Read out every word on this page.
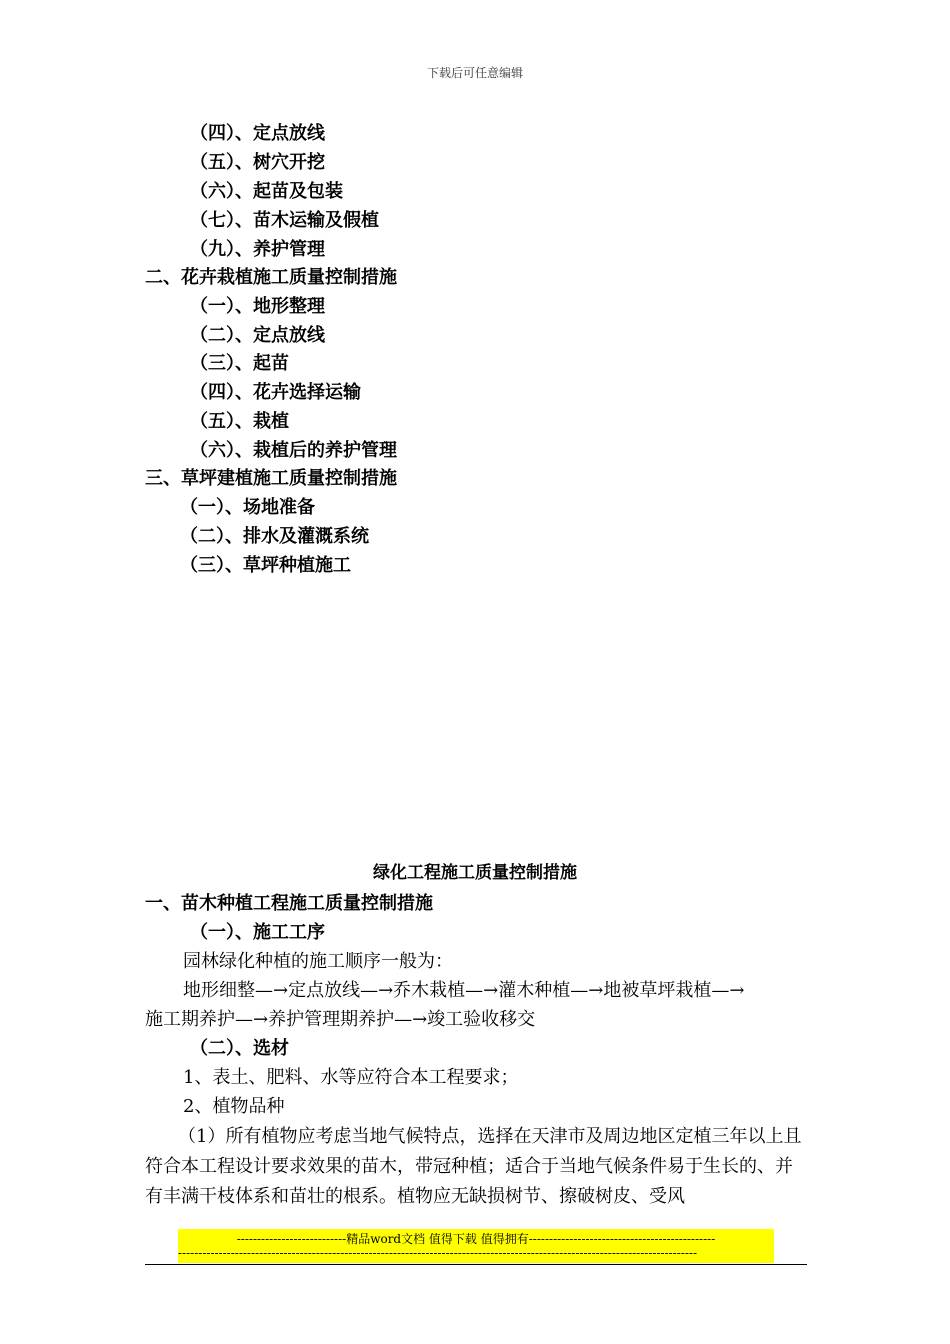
下载后可任意编辑
（四）、定点放线
（五）、树穴开挖
（六）、起苗及包装
（七）、苗木运输及假植
（九）、养护管理
二、花卉栽植施工质量控制措施
（一）、地形整理
（二）、定点放线
（三）、起苗
（四）、花卉选择运输
（五）、栽植
（六）、栽植后的养护管理
三、草坪建植施工质量控制措施
（一）、场地准备
（二）、排水及灌溉系统
（三）、草坪种植施工
绿化工程施工质量控制措施
一、苗木种植工程施工质量控制措施
（一）、施工工序
园林绿化种植的施工顺序一般为：
地形细整—→定点放线—→乔木栽植—→灌木种植—→地被草坪栽植—→
施工期养护—→养护管理期养护—→竣工验收移交
（二）、选材
1、表土、肥料、水等应符合本工程要求；
2、植物品种
（1）所有植物应考虑当地气候特点，选择在天津市及周边地区定植三年以上且符合本工程设计要求效果的苗木，带冠种植；适合于当地气候条件易于生长的、并有丰满干枝体系和苗壮的根系。植物应无缺损树节、擦破树皮、受风
---------------------------精品word文档 值得下载 值得拥有----------------------------------------------
--------------------------------------------------------------------------------------------------------------------------------
